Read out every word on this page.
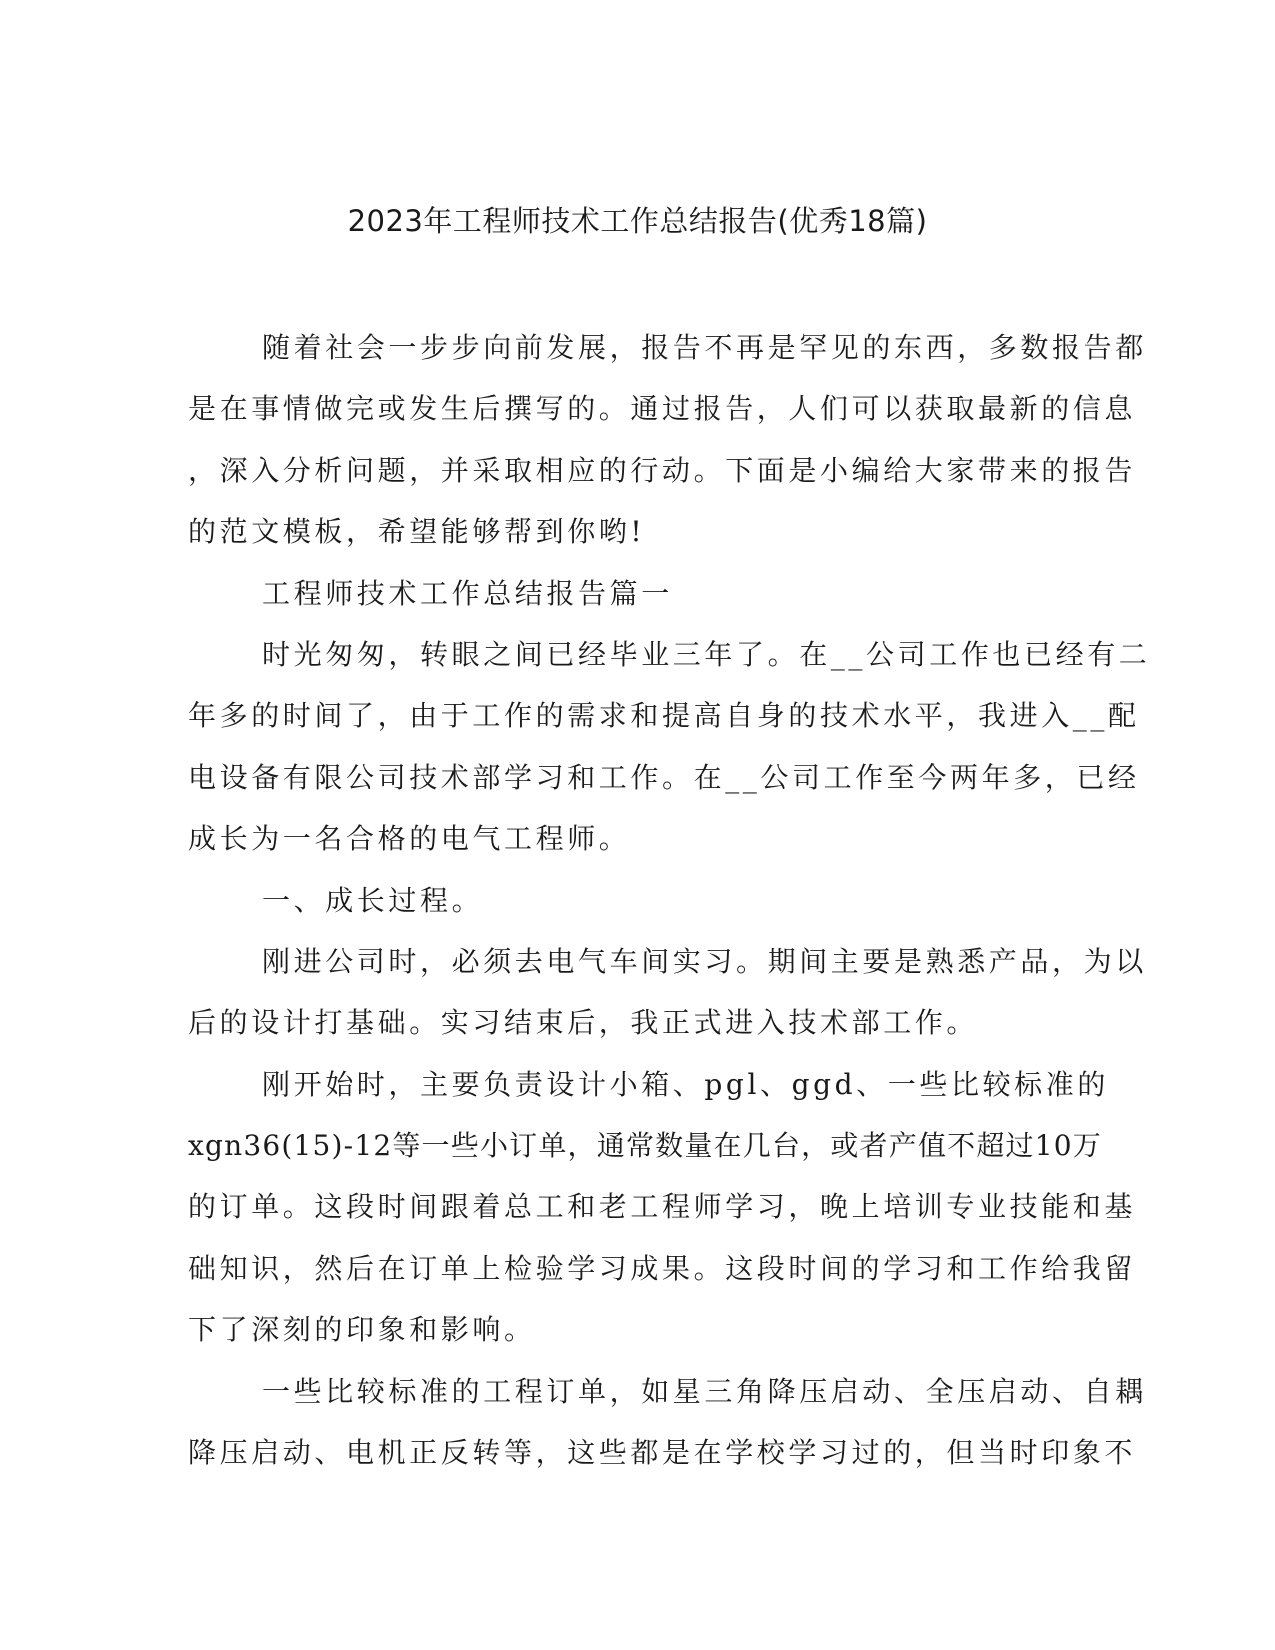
2023年工程师技术工作总结报告(优秀18篇)
随着社会一步步向前发展，报告不再是罕见的东西，多数报告都
是在事情做完或发生后撰写的。通过报告，人们可以获取最新的信息
，深入分析问题，并采取相应的行动。下面是小编给大家带来的报告
的范文模板，希望能够帮到你哟!
工程师技术工作总结报告篇一
时光匆匆，转眼之间已经毕业三年了。在__公司工作也已经有二
年多的时间了，由于工作的需求和提高自身的技术水平，我进入__配
电设备有限公司技术部学习和工作。在__公司工作至今两年多，已经
成长为一名合格的电气工程师。
一、成长过程。
刚进公司时，必须去电气车间实习。期间主要是熟悉产品，为以
后的设计打基础。实习结束后，我正式进入技术部工作。
刚开始时，主要负责设计小箱、pgl、ggd、一些比较标准的
xgn36(15)-12等一些小订单，通常数量在几台，或者产值不超过10万
的订单。这段时间跟着总工和老工程师学习，晚上培训专业技能和基
础知识，然后在订单上检验学习成果。这段时间的学习和工作给我留
下了深刻的印象和影响。
一些比较标准的工程订单，如星三角降压启动、全压启动、自耦
降压启动、电机正反转等，这些都是在学校学习过的，但当时印象不
